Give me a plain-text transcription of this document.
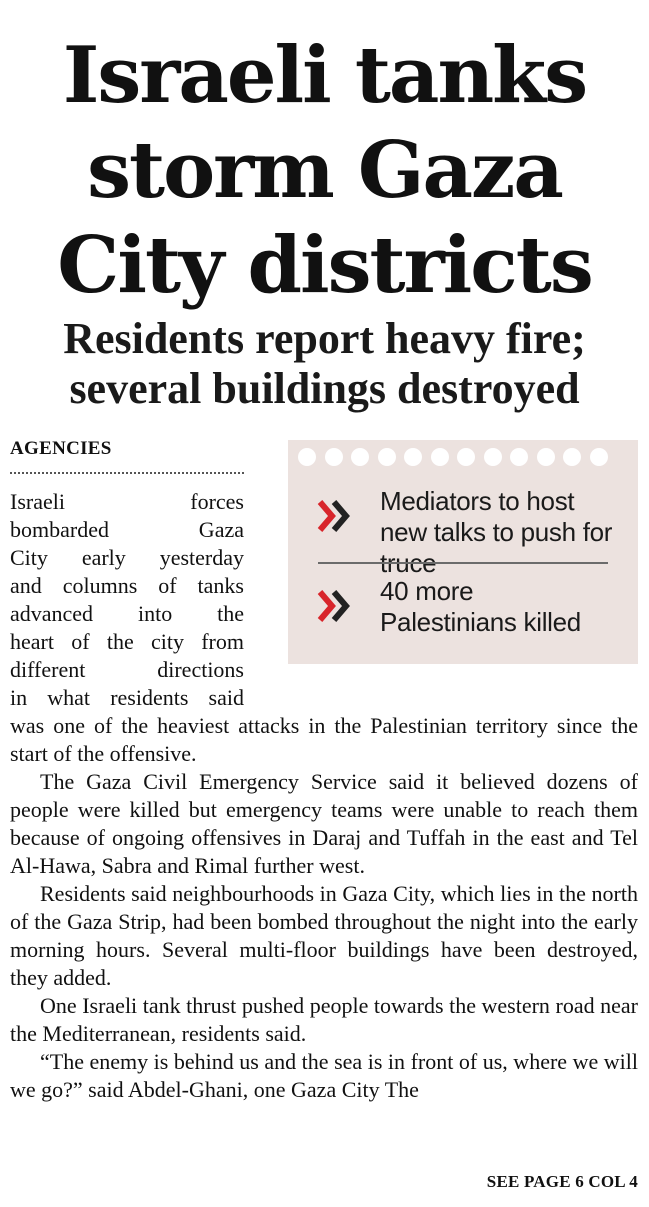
Israeli tanks
storm Gaza
City districts
Residents report heavy fire;
several buildings destroyed
AGENCIES
Israeli forces
bombarded Gaza
City early yesterday
and columns of tanks
advanced into the
heart of the city from
different directions
in what residents said
Mediators to host new talks to push for truce
40 more Palestinians killed

was one of the heaviest attacks in the Palestinian territory since the start of the offensive.

The Gaza Civil Emergency Service said it believed dozens of people were killed but emergency teams were unable to reach them because of ongoing offensives in Daraj and Tuffah in the east and Tel Al-Hawa, Sabra and Rimal further west.

Residents said neighbourhoods in Gaza City, which lies in the north of the Gaza Strip, had been bombed throughout the night into the early morning hours. Several multi-floor buildings have been destroyed, they added.

One Israeli tank thrust pushed people towards the western road near the Mediterranean, residents said.

“The enemy is behind us and the sea is in front of us, where we will we go?” said Abdel-Ghani, one Gaza City The

SEE PAGE 6 COL 4
